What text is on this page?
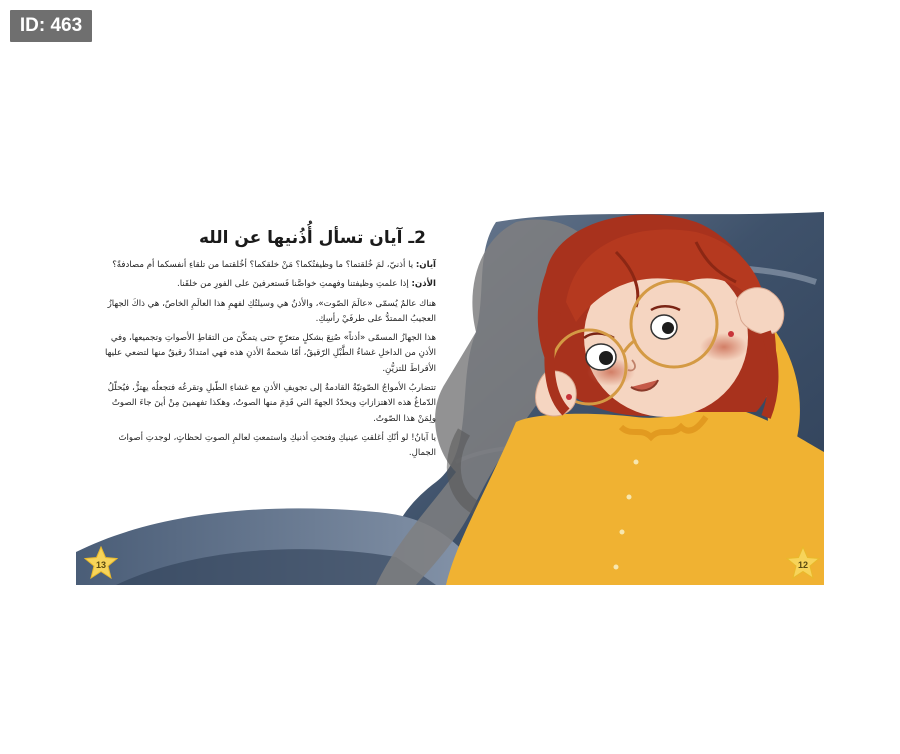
ID: 463
2ـ آيان تسأل أُذُنيها عن الله

آيان: يا أذنيّ، لمَ خُلقتما؟ ما وظيفتُكما؟ مَنْ خلقكما؟ أخُلقتما من تلقاءِ أنفسكما أم مصادفةً؟

الأذن: إذا علمتِ وظيفتنا وفهمتِ خواصَّنا فَستعرفينَ على الفورِ من خلقَنا.

هناك عالمٌ يُسمّى «عالَمَ الصّوت»، والأذنُ هي وسيلتُكِ لفهمِ هذا العالَمِ الخاصّ، هي ذاكَ الجهازُ العجيبُ الممتدُّ على طرفَيْ رأسِكِ.

هذا الجهازُ المسمّى «أذناً» صُنِعَ بشكلٍ متعرّجٍ حتى يتمكّنَ من التقاطِ الأصواتِ وتجميعها، وفي الأذنِ من الداخلِ غشاءُ الطَّبْلِ الرّقيقُ، أمّا شحمةُ الأذنِ هذه فهي امتدادٌ رقيقٌ منها لتضعي عليها الأقراطَ للتزيُّنِ.

تتضاربُ الأمواجُ الصّوتيّةُ القادمةُ إلى تجويفِ الأذنِ مع غشاءِ الطّبلِ وتقرعُه فتجعلُه يهتزُّ، فيُحلّلُ الدّماغُ هذه الاهتزازاتِ ويحدّدُ الجهةَ التي قَدِمَ منها الصوتُ، وهكذا تفهمينَ مِنْ أينَ جاءَ الصوتُ ولِمَنْ هذا الصّوتُ.

يا آيانُ! لو أنّكِ أغلقتِ عينيكِ وفتحتِ أذنيكِ واستمعتِ لعالمِ الصوتِ لحظاتٍ، لوجدتِ أصواتَ الجمالِ.

13	12
